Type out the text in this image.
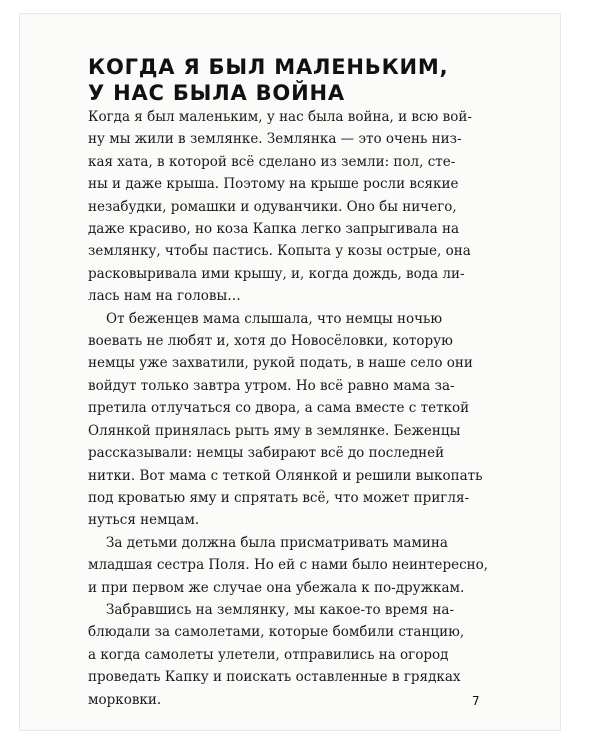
КОГДА Я БЫЛ МАЛЕНЬКИМ,
У НАС БЫЛА ВОЙНА

Когда я был маленьким, у нас была война, и всю вой-
ну мы жили в землянке. Землянка — это очень низ-
кая хата, в которой всё сделано из земли: пол, сте-
ны и даже крыша. Поэтому на крыше росли всякие
незабудки, ромашки и одуванчики. Оно бы ничего,
даже красиво, но коза Капка легко запрыгивала на
землянку, чтобы пастись. Копыта у козы острые, она
расковыривала ими крышу, и, когда дождь, вода ли-
лась нам на головы…

От беженцев мама слышала, что немцы ночью
воевать не любят и, хотя до Новосёловки, которую
немцы уже захватили, рукой подать, в наше село они
войдут только завтра утром. Но всё равно мама за-
претила отлучаться со двора, а сама вместе с теткой
Олянкой принялась рыть яму в землянке. Беженцы
рассказывали: немцы забирают всё до последней
нитки. Вот мама с теткой Олянкой и решили выкопать
под кроватью яму и спрятать всё, что может пригля-
нуться немцам.

За детьми должна была присматривать мамина
младшая сестра Поля. Но ей с нами было неинтересно,
и при первом же случае она убежала к по-дружкам.

Забравшись на землянку, мы какое-то время на-
блюдали за самолетами, которые бомбили станцию,
а когда самолеты улетели, отправились на огород
проведать Капку и поискать оставленные в грядках
морковки.	7
